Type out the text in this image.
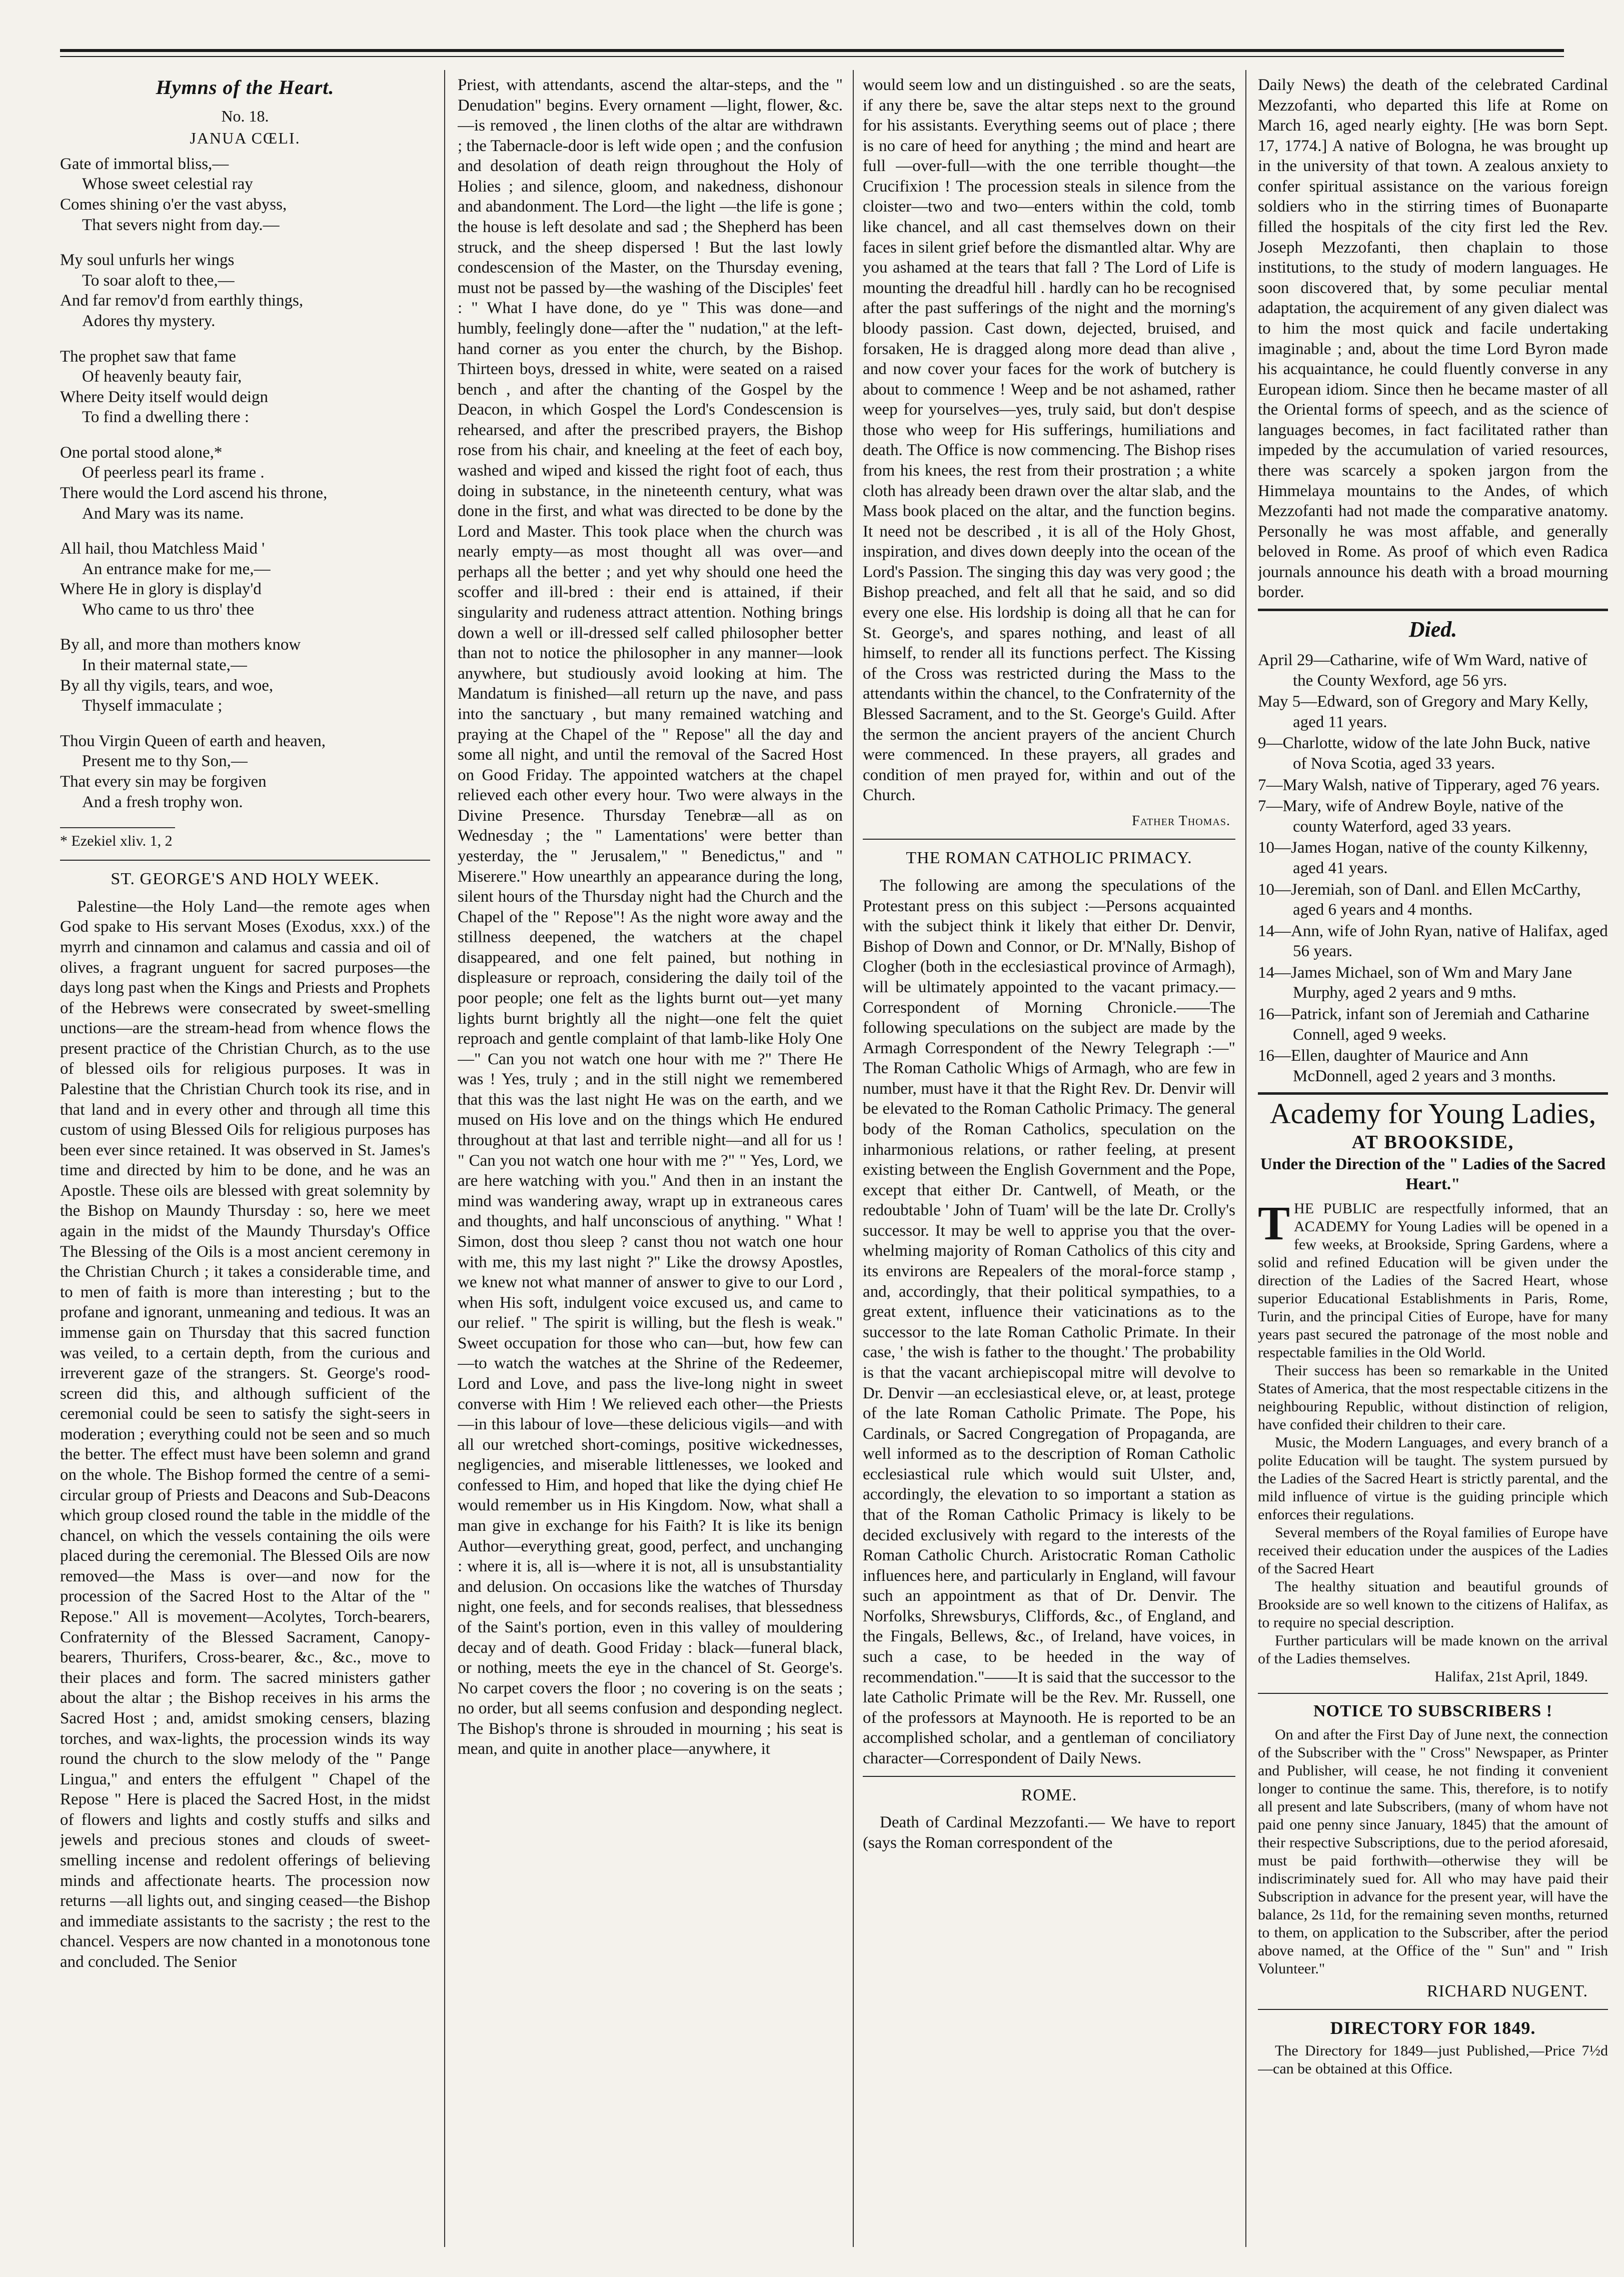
Hymns of the Heart.
No. 18.
JANUA CŒLI.
Gate of immortal bliss,—
Whose sweet celestial ray
Comes shining o'er the vast abyss,
That severs night from day.—
My soul unfurls her wings
To soar aloft to thee,—
And far remov'd from earthly things,
Adores thy mystery.
The prophet saw that fame
Of heavenly beauty fair,
Where Deity itself would deign
To find a dwelling there :
One portal stood alone,*
Of peerless pearl its frame .
There would the Lord ascend his throne,
And Mary was its name.
All hail, thou Matchless Maid '
An entrance make for me,—
Where He in glory is display'd
Who came to us thro' thee
By all, and more than mothers know
In their maternal state,—
By all thy vigils, tears, and woe,
Thyself immaculate ;
Thou Virgin Queen of earth and heaven,
Present me to thy Son,—
That every sin may be forgiven
And a fresh trophy won.
* Ezekiel xliv. 1, 2
ST. GEORGE'S AND HOLY WEEK.

Palestine—the Holy Land—the remote ages when God spake to His servant Moses (Exodus, xxx.) of the myrrh and cinnamon and calamus and cassia and oil of olives, a fragrant unguent for sacred purposes—the days long past when the Kings and Priests and Prophets of the Hebrews were consecrated by sweet-smelling unctions—are the stream-head from whence flows the present practice of the Christian Church, as to the use of blessed oils for religious purposes. It was in Palestine that the Christian Church took its rise, and in that land and in every other and through all time this custom of using Blessed Oils for religious purposes has been ever since retained. It was observed in St. James's time and directed by him to be done, and he was an Apostle. These oils are blessed with great solemnity by the Bishop on Maundy Thursday : so, here we meet again in the midst of the Maundy Thursday's Office The Blessing of the Oils is a most ancient ceremony in the Christian Church ; it takes a considerable time, and to men of faith is more than interesting ; but to the profane and ignorant, unmeaning and tedious. It was an immense gain on Thursday that this sacred function was veiled, to a certain depth, from the curious and irreverent gaze of the strangers. St. George's rood-screen did this, and although sufficient of the ceremonial could be seen to satisfy the sight-seers in moderation ; everything could not be seen and so much the better. The effect must have been solemn and grand on the whole. The Bishop formed the centre of a semi-circular group of Priests and Deacons and Sub-Deacons which group closed round the table in the middle of the chancel, on which the vessels containing the oils were placed during the ceremonial. The Blessed Oils are now removed—the Mass is over—and now for the procession of the Sacred Host to the Altar of the " Repose." All is movement—Acolytes, Torch-bearers, Confraternity of the Blessed Sacrament, Canopy-bearers, Thurifers, Cross-bearer, &c., &c., move to their places and form. The sacred ministers gather about the altar ; the Bishop receives in his arms the Sacred Host ; and, amidst smoking censers, blazing torches, and wax-lights, the procession winds its way round the church to the slow melody of the " Pange Lingua," and enters the effulgent " Chapel of the Repose " Here is placed the Sacred Host, in the midst of flowers and lights and costly stuffs and silks and jewels and precious stones and clouds of sweet-smelling incense and redolent offerings of believing minds and affectionate hearts. The procession now returns —all lights out, and singing ceased—the Bishop and immediate assistants to the sacristy ; the rest to the chancel. Vespers are now chanted in a monotonous tone and concluded. The Senior

Priest, with attendants, ascend the altar-steps, and the " Denudation" begins. Every ornament —light, flower, &c.—is removed , the linen cloths of the altar are withdrawn ; the Tabernacle-door is left wide open ; and the confusion and desolation of death reign throughout the Holy of Holies ; and silence, gloom, and nakedness, dishonour and abandonment. The Lord—the light —the life is gone ; the house is left desolate and sad ; the Shepherd has been struck, and the sheep dispersed ! But the last lowly condescension of the Master, on the Thursday evening, must not be passed by—the washing of the Disciples' feet : " What I have done, do ye " This was done—and humbly, feelingly done—after the " nudation," at the left-hand corner as you enter the church, by the Bishop. Thirteen boys, dressed in white, were seated on a raised bench , and after the chanting of the Gospel by the Deacon, in which Gospel the Lord's Condescension is rehearsed, and after the prescribed prayers, the Bishop rose from his chair, and kneeling at the feet of each boy, washed and wiped and kissed the right foot of each, thus doing in substance, in the nineteenth century, what was done in the first, and what was directed to be done by the Lord and Master. This took place when the church was nearly empty—as most thought all was over—and perhaps all the better ; and yet why should one heed the scoffer and ill-bred : their end is attained, if their singularity and rudeness attract attention. Nothing brings down a well or ill-dressed self called philosopher better than not to notice the philosopher in any manner—look anywhere, but studiously avoid looking at him. The Mandatum is finished—all return up the nave, and pass into the sanctuary , but many remained watching and praying at the Chapel of the " Repose" all the day and some all night, and until the removal of the Sacred Host on Good Friday. The appointed watchers at the chapel relieved each other every hour. Two were always in the Divine Presence. Thursday Tenebræ—all as on Wednesday ; the " Lamentations' were better than yesterday, the " Jerusalem," " Benedictus," and " Miserere." How unearthly an appearance during the long, silent hours of the Thursday night had the Church and the Chapel of the " Repose"! As the night wore away and the stillness deepened, the watchers at the chapel disappeared, and one felt pained, but nothing in displeasure or reproach, considering the daily toil of the poor people; one felt as the lights burnt out—yet many lights burnt brightly all the night—one felt the quiet reproach and gentle complaint of that lamb-like Holy One—" Can you not watch one hour with me ?" There He was ! Yes, truly ; and in the still night we remembered that this was the last night He was on the earth, and we mused on His love and on the things which He endured throughout at that last and terrible night—and all for us ! " Can you not watch one hour with me ?" " Yes, Lord, we are here watching with you." And then in an instant the mind was wandering away, wrapt up in extraneous cares and thoughts, and half unconscious of anything. " What ! Simon, dost thou sleep ? canst thou not watch one hour with me, this my last night ?" Like the drowsy Apostles, we knew not what manner of answer to give to our Lord , when His soft, indulgent voice excused us, and came to our relief. " The spirit is willing, but the flesh is weak." Sweet occupation for those who can—but, how few can—to watch the watches at the Shrine of the Redeemer, Lord and Love, and pass the live-long night in sweet converse with Him ! We relieved each other—the Priests—in this labour of love—these delicious vigils—and with all our wretched short-comings, positive wickednesses, negligencies, and miserable littlenesses, we looked and confessed to Him, and hoped that like the dying chief He would remember us in His Kingdom. Now, what shall a man give in exchange for his Faith? It is like its benign Author—everything great, good, perfect, and unchanging : where it is, all is—where it is not, all is unsubstantiality and delusion. On occasions like the watches of Thursday night, one feels, and for seconds realises, that blessedness of the Saint's portion, even in this valley of mouldering decay and of death. Good Friday : black—funeral black, or nothing, meets the eye in the chancel of St. George's. No carpet covers the floor ; no covering is on the seats ; no order, but all seems confusion and desponding neglect. The Bishop's throne is shrouded in mourning ; his seat is mean, and quite in another place—anywhere, it

would seem low and un distinguished . so are the seats, if any there be, save the altar steps next to the ground for his assistants. Everything seems out of place ; there is no care of heed for anything ; the mind and heart are full —over-full—with the one terrible thought—the Crucifixion ! The procession steals in silence from the cloister—two and two—enters within the cold, tomb like chancel, and all cast themselves down on their faces in silent grief before the dismantled altar. Why are you ashamed at the tears that fall ? The Lord of Life is mounting the dreadful hill . hardly can ho be recognised after the past sufferings of the night and the morning's bloody passion. Cast down, dejected, bruised, and forsaken, He is dragged along more dead than alive , and now cover your faces for the work of butchery is about to commence ! Weep and be not ashamed, rather weep for yourselves—yes, truly said, but don't despise those who weep for His sufferings, humiliations and death. The Office is now commencing. The Bishop rises from his knees, the rest from their prostration ; a white cloth has already been drawn over the altar slab, and the Mass book placed on the altar, and the function begins. It need not be described , it is all of the Holy Ghost, inspiration, and dives down deeply into the ocean of the Lord's Passion. The singing this day was very good ; the Bishop preached, and felt all that he said, and so did every one else. His lordship is doing all that he can for St. George's, and spares nothing, and least of all himself, to render all its functions perfect. The Kissing of the Cross was restricted during the Mass to the attendants within the chancel, to the Confraternity of the Blessed Sacrament, and to the St. George's Guild. After the sermon the ancient prayers of the ancient Church were commenced. In these prayers, all grades and condition of men prayed for, within and out of the Church.

Father Thomas.
THE ROMAN CATHOLIC PRIMACY.

The following are among the speculations of the Protestant press on this subject :—Persons acquainted with the subject think it likely that either Dr. Denvir, Bishop of Down and Connor, or Dr. M'Nally, Bishop of Clogher (both in the ecclesiastical province of Armagh), will be ultimately appointed to the vacant primacy.—Correspondent of Morning Chronicle.——The following speculations on the subject are made by the Armagh Correspondent of the Newry Telegraph :—" The Roman Catholic Whigs of Armagh, who are few in number, must have it that the Right Rev. Dr. Denvir will be elevated to the Roman Catholic Primacy. The general body of the Roman Catholics, speculation on the inharmonious relations, or rather feeling, at present existing between the English Government and the Pope, except that either Dr. Cantwell, of Meath, or the redoubtable ' John of Tuam' will be the late Dr. Crolly's successor. It may be well to apprise you that the over-whelming majority of Roman Catholics of this city and its environs are Repealers of the moral-force stamp , and, accordingly, that their political sympathies, to a great extent, influence their vaticinations as to the successor to the late Roman Catholic Primate. In their case, ' the wish is father to the thought.' The probability is that the vacant archiepiscopal mitre will devolve to Dr. Denvir —an ecclesiastical eleve, or, at least, protege of the late Roman Catholic Primate. The Pope, his Cardinals, or Sacred Congregation of Propaganda, are well informed as to the description of Roman Catholic ecclesiastical rule which would suit Ulster, and, accordingly, the elevation to so important a station as that of the Roman Catholic Primacy is likely to be decided exclusively with regard to the interests of the Roman Catholic Church. Aristocratic Roman Catholic influences here, and particularly in England, will favour such an appointment as that of Dr. Denvir. The Norfolks, Shrewsburys, Cliffords, &c., of England, and the Fingals, Bellews, &c., of Ireland, have voices, in such a case, to be heeded in the way of recommendation."——It is said that the successor to the late Catholic Primate will be the Rev. Mr. Russell, one of the professors at Maynooth. He is reported to be an accomplished scholar, and a gentleman of conciliatory character—Correspondent of Daily News.

ROME.

Death of Cardinal Mezzofanti.— We have to report (says the Roman correspondent of the

Daily News) the death of the celebrated Cardinal Mezzofanti, who departed this life at Rome on March 16, aged nearly eighty. [He was born Sept. 17, 1774.] A native of Bologna, he was brought up in the university of that town. A zealous anxiety to confer spiritual assistance on the various foreign soldiers who in the stirring times of Buonaparte filled the hospitals of the city first led the Rev. Joseph Mezzofanti, then chaplain to those institutions, to the study of modern languages. He soon discovered that, by some peculiar mental adaptation, the acquirement of any given dialect was to him the most quick and facile undertaking imaginable ; and, about the time Lord Byron made his acquaintance, he could fluently converse in any European idiom. Since then he became master of all the Oriental forms of speech, and as the science of languages becomes, in fact facilitated rather than impeded by the accumulation of varied resources, there was scarcely a spoken jargon from the Himmelaya mountains to the Andes, of which Mezzofanti had not made the comparative anatomy. Personally he was most affable, and generally beloved in Rome. As proof of which even Radica journals announce his death with a broad mourning border.

Died.

April 29—Catharine, wife of Wm Ward, native of the County Wexford, age 56 yrs.

May 5—Edward, son of Gregory and Mary Kelly, aged 11 years.

9—Charlotte, widow of the late John Buck, native of Nova Scotia, aged 33 years.

7—Mary Walsh, native of Tipperary, aged 76 years.

7—Mary, wife of Andrew Boyle, native of the county Waterford, aged 33 years.

10—James Hogan, native of the county Kilkenny, aged 41 years.

10—Jeremiah, son of Danl. and Ellen McCarthy, aged 6 years and 4 months.

14—Ann, wife of John Ryan, native of Halifax, aged 56 years.

14—James Michael, son of Wm and Mary Jane Murphy, aged 2 years and 9 mths.

16—Patrick, infant son of Jeremiah and Catharine Connell, aged 9 weeks.

16—Ellen, daughter of Maurice and Ann McDonnell, aged 2 years and 3 months.

Academy for Young Ladies,
AT BROOKSIDE,
Under the Direction of the " Ladies of the Sacred Heart."
T HE PUBLIC are respectfully informed, that an ACADEMY for Young Ladies will be opened in a few weeks, at Brookside, Spring Gardens, where a solid and refined Education will be given under the direction of the Ladies of the Sacred Heart, whose superior Educational Establishments in Paris, Rome, Turin, and the principal Cities of Europe, have for many years past secured the patronage of the most noble and respectable families in the Old World.

Their success has been so remarkable in the United States of America, that the most respectable citizens in the neighbouring Republic, without distinction of religion, have confided their children to their care.

Music, the Modern Languages, and every branch of a polite Education will be taught. The system pursued by the Ladies of the Sacred Heart is strictly parental, and the mild influence of virtue is the guiding principle which enforces their regulations.

Several members of the Royal families of Europe have received their education under the auspices of the Ladies of the Sacred Heart

The healthy situation and beautiful grounds of Brookside are so well known to the citizens of Halifax, as to require no special description.

Further particulars will be made known on the arrival of the Ladies themselves.

Halifax, 21st April, 1849.

NOTICE TO SUBSCRIBERS !

On and after the First Day of June next, the connection of the Subscriber with the " Cross" Newspaper, as Printer and Publisher, will cease, he not finding it convenient longer to continue the same. This, therefore, is to notify all present and late Subscribers, (many of whom have not paid one penny since January, 1845) that the amount of their respective Subscriptions, due to the period aforesaid, must be paid forthwith—otherwise they will be indiscriminately sued for. All who may have paid their Subscription in advance for the present year, will have the balance, 2s 11d, for the remaining seven months, returned to them, on application to the Subscriber, after the period above named, at the Office of the " Sun" and " Irish Volunteer."

RICHARD NUGENT.
DIRECTORY FOR 1849.

The Directory for 1849—just Published,—Price 7½d—can be obtained at this Office.
